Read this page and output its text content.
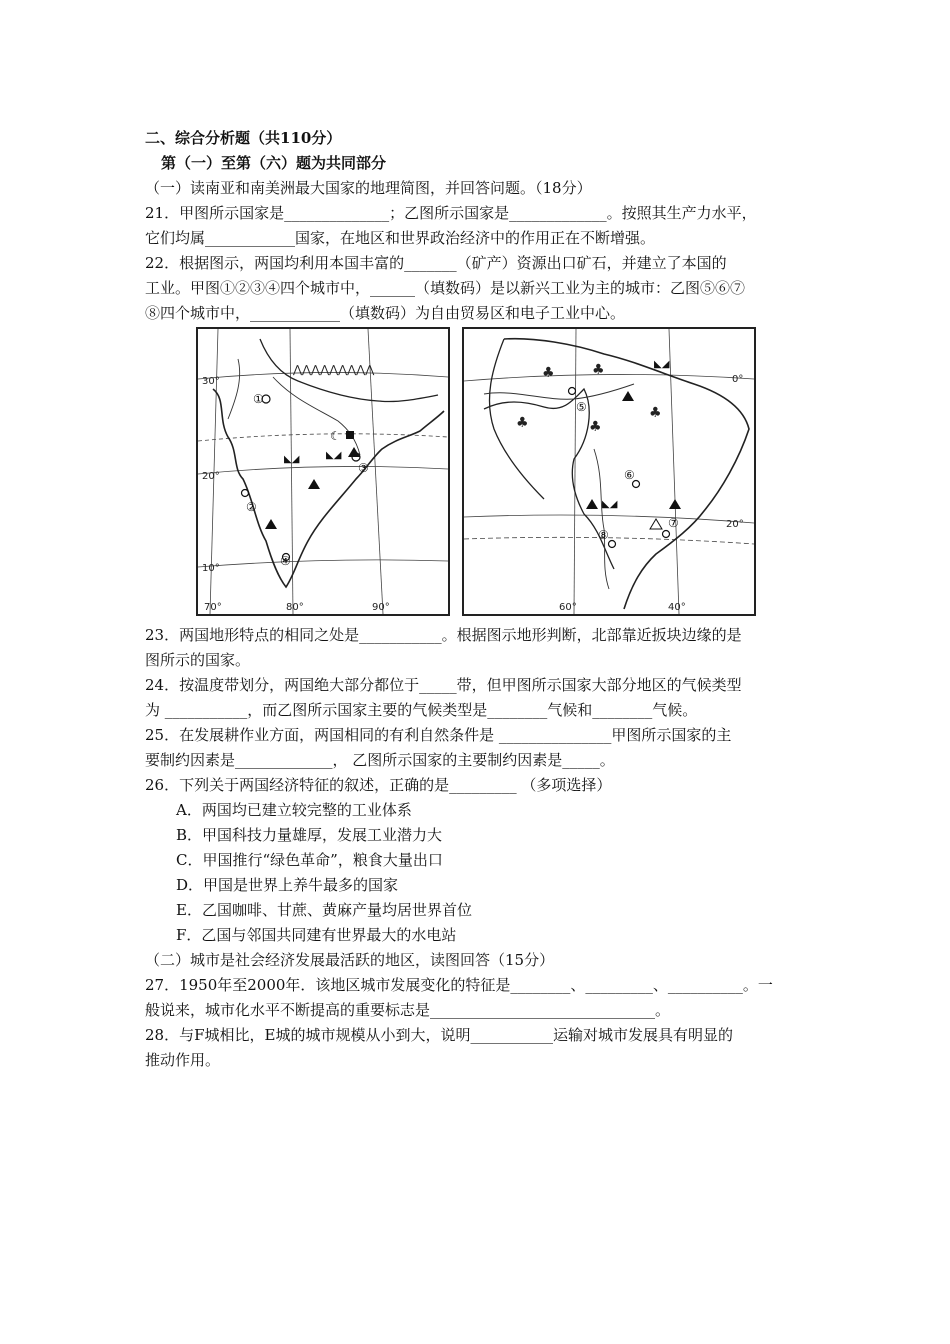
二、综合分析题（共110分）
第（一）至第（六）题为共同部分
（一）读南亚和南美洲最大国家的地理简图，并回答问题。（18分）
21．甲图所示国家是______________；乙图所示国家是_____________。按照其生产力水平，
它们均属____________国家，在地区和世界政治经济中的作用正在不断增强。
22．根据图示，两国均利用本国丰富的_______（矿产）资源出口矿石，并建立了本国的
工业。甲图①②③④四个城市中，______（填数码）是以新兴工业为主的城市：乙图⑤⑥⑦
⑧四个城市中，____________（填数码）为自由贸易区和电子工业中心。
⋀⋀⋀⋀⋀⋀⋀⋀⋀
①
②
③
④
☾
◣◢
◣◢
30°
20°
10°
70°	80°	90°
♣	♣
♣	♣
♣
⑤
⑥
⑦
⑧
◣◢
◣◢
0°
20°
60°	40°
23．两国地形特点的相同之处是___________。根据图示地形判断，北部靠近扳块边缘的是
图所示的国家。
24．按温度带划分，两国绝大部分都位于_____带，但甲图所示国家大部分地区的气候类型
为 ___________，而乙图所示国家主要的气候类型是________气候和________气候。
25．在发展耕作业方面，两国相同的有利自然条件是 _______________甲图所示国家的主
要制约因素是_____________， 乙图所示国家的主要制约因素是_____。
26．下列关于两国经济特征的叙述，正确的是_________ （多项选择）
A．两国均已建立较完整的工业体系
B．甲国科技力量雄厚，发展工业潜力大
C．甲国推行“绿色革命”，粮食大量出口
D．甲国是世界上养牛最多的国家
E．乙国咖啡、甘蔗、黄麻产量均居世界首位
F．乙国与邻国共同建有世界最大的水电站
（二）城市是社会经济发展最活跃的地区，读图回答（15分）
27．1950年至2000年．该地区城市发展变化的特征是________、_________、__________。一
般说来，城市化水平不断提高的重要标志是______________________________。
28．与F城相比，E城的城市规模从小到大，说明___________运输对城市发展具有明显的
推动作用。
